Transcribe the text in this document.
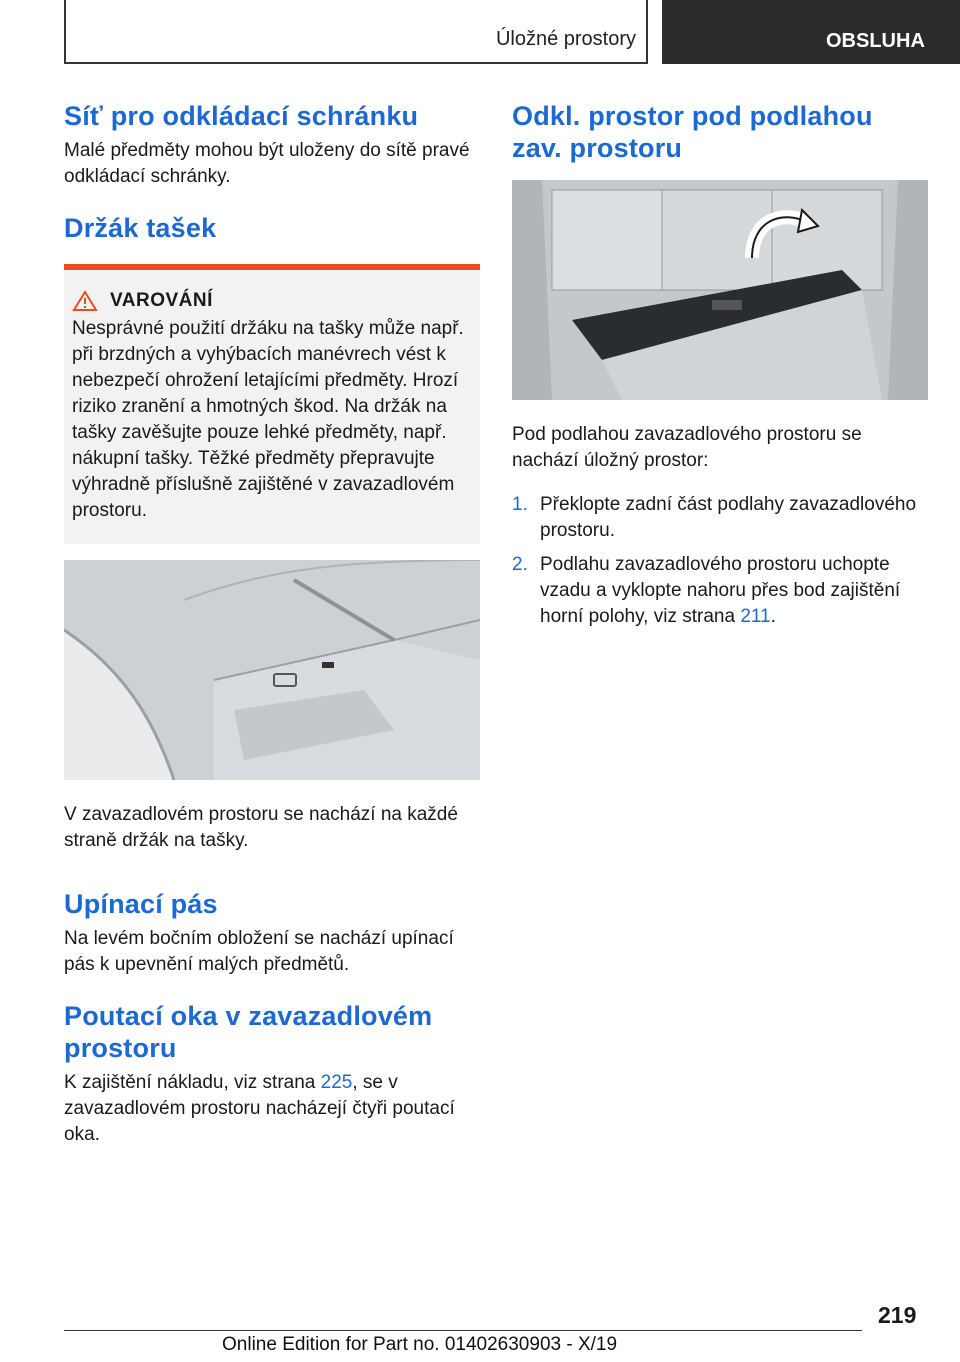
Úložné prostory	OBSLUHA
Síť pro odkládací schránku

Malé předměty mohou být uloženy do sítě pravé odkládací schránky.

Držák tašek
VAROVÁNÍ

Nesprávné použití držáku na tašky může např. při brzdných a vyhýbacích manévrech vést k nebezpečí ohrožení letajícími předměty. Hrozí riziko zranění a hmotných škod. Na držák na tašky zavěšujte pouze lehké předměty, např. nákupní tašky. Těžké předměty přepravujte výhradně příslušně zajištěné v zavazadlovém prostoru.

V zavazadlovém prostoru se nachází na každé straně držák na tašky.

Upínací pás

Na levém bočním obložení se nachází upínací pás k upevnění malých předmětů.

Poutací oka v zavazadlovém prostoru

K zajištění nákladu, viz strana 225, se v zavazadlovém prostoru nacházejí čtyři poutací oka.

Odkl. prostor pod podlahou zav. prostoru

Pod podlahou zavazadlového prostoru se nachází úložný prostor:

1. Překlopte zadní část podlahy zavazadlového prostoru.
2. Podlahu zavazadlového prostoru uchopte vzadu a vyklopte nahoru přes bod zajištění horní polohy, viz strana 211.
219
Online Edition for Part no. 01402630903 - X/19
